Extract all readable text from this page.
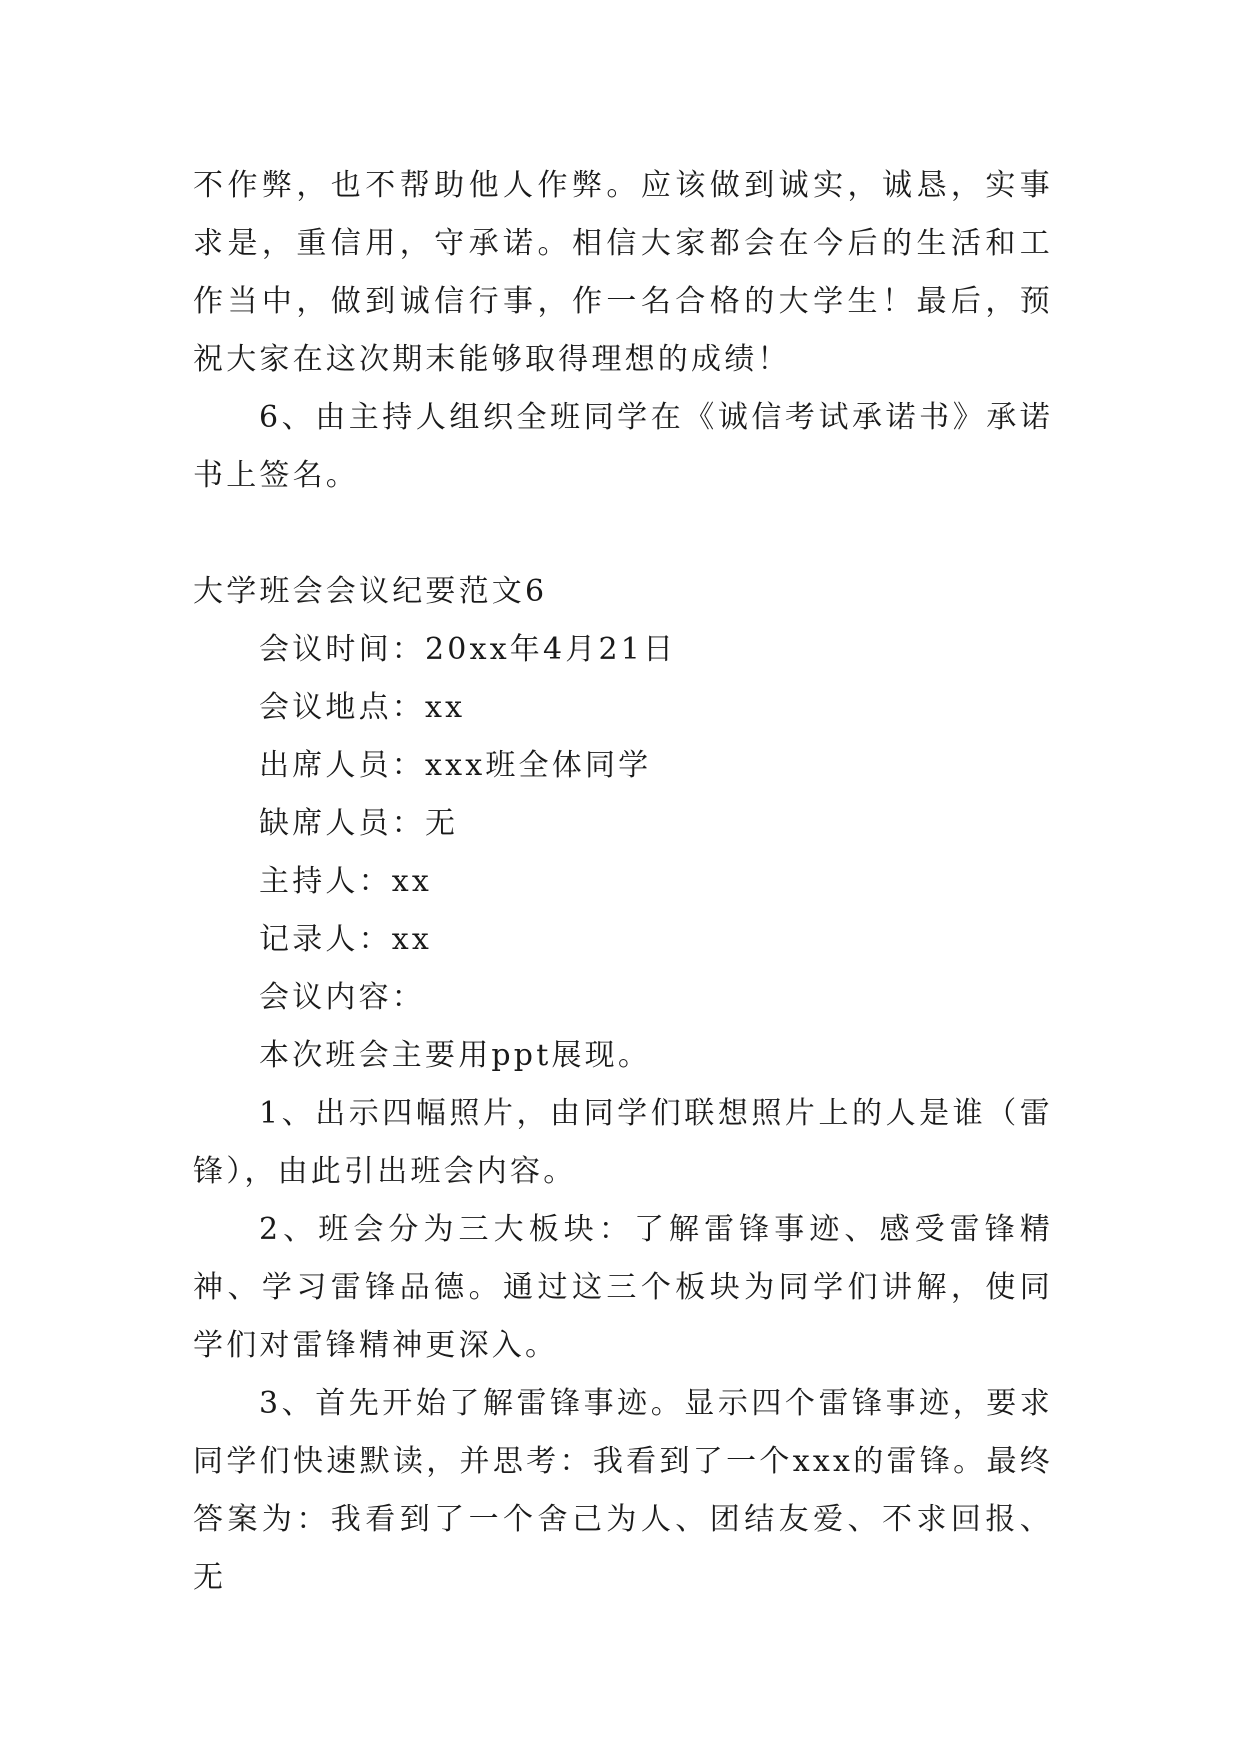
不作弊，也不帮助他人作弊。应该做到诚实，诚恳，实事求是，重信用，守承诺。相信大家都会在今后的生活和工作当中，做到诚信行事，作一名合格的大学生！最后，预祝大家在这次期末能够取得理想的成绩！

6、由主持人组织全班同学在《诚信考试承诺书》承诺书上签名。

大学班会会议纪要范文6

会议时间：20xx年4月21日

会议地点：xx

出席人员：xxx班全体同学

缺席人员：无

主持人：xx

记录人：xx

会议内容：

本次班会主要用ppt展现。

1、出示四幅照片，由同学们联想照片上的人是谁（雷锋），由此引出班会内容。

2、班会分为三大板块：了解雷锋事迹、感受雷锋精神、学习雷锋品德。通过这三个板块为同学们讲解，使同学们对雷锋精神更深入。

3、首先开始了解雷锋事迹。显示四个雷锋事迹，要求同学们快速默读，并思考：我看到了一个xxx的雷锋。最终答案为：我看到了一个舍己为人、团结友爱、不求回报、无
